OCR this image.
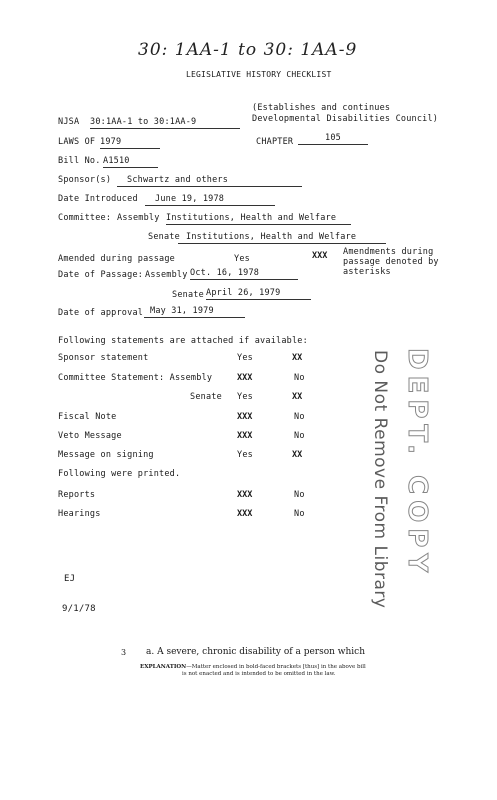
30: 1AA-1 to 30: 1AA-9
LEGISLATIVE HISTORY CHECKLIST
NJSA 30:1AA-1 to 30:1AA-9
(Establishes and continues
Developmental Disabilities Council)
LAWS OF 1979	CHAPTER	105
Bill No. A1510
Sponsor(s)	Schwartz and others
Date Introduced	June 19, 1978
Committee: Assembly Institutions, Health and Welfare
Senate Institutions, Health and Welfare
Amended during passage	Yes	XXX Amendments during
passage denoted by
asterisks
Date of Passage: Assembly Oct. 16, 1978
Senate April 26, 1979
Date of approval May 31, 1979
Following statements are attached if available:
Sponsor statement	Yes	XX
Committee Statement: Assembly	XXX	No
Senate Yes	XX
Fiscal Note	XXX	No
Veto Message	XXX	No
Message on signing	Yes	XX
Following were printed.
Reports	XXX	No
Hearings	XXX	No	DEPT. COPY
Do Not Remove From Library
EJ
9/1/78
3 a. A severe, chronic disability of a person which
EXPLANATION—Matter enclosed in bold-faced brackets [thus] in the above bill
is not enacted and is intended to be omitted in the law.
